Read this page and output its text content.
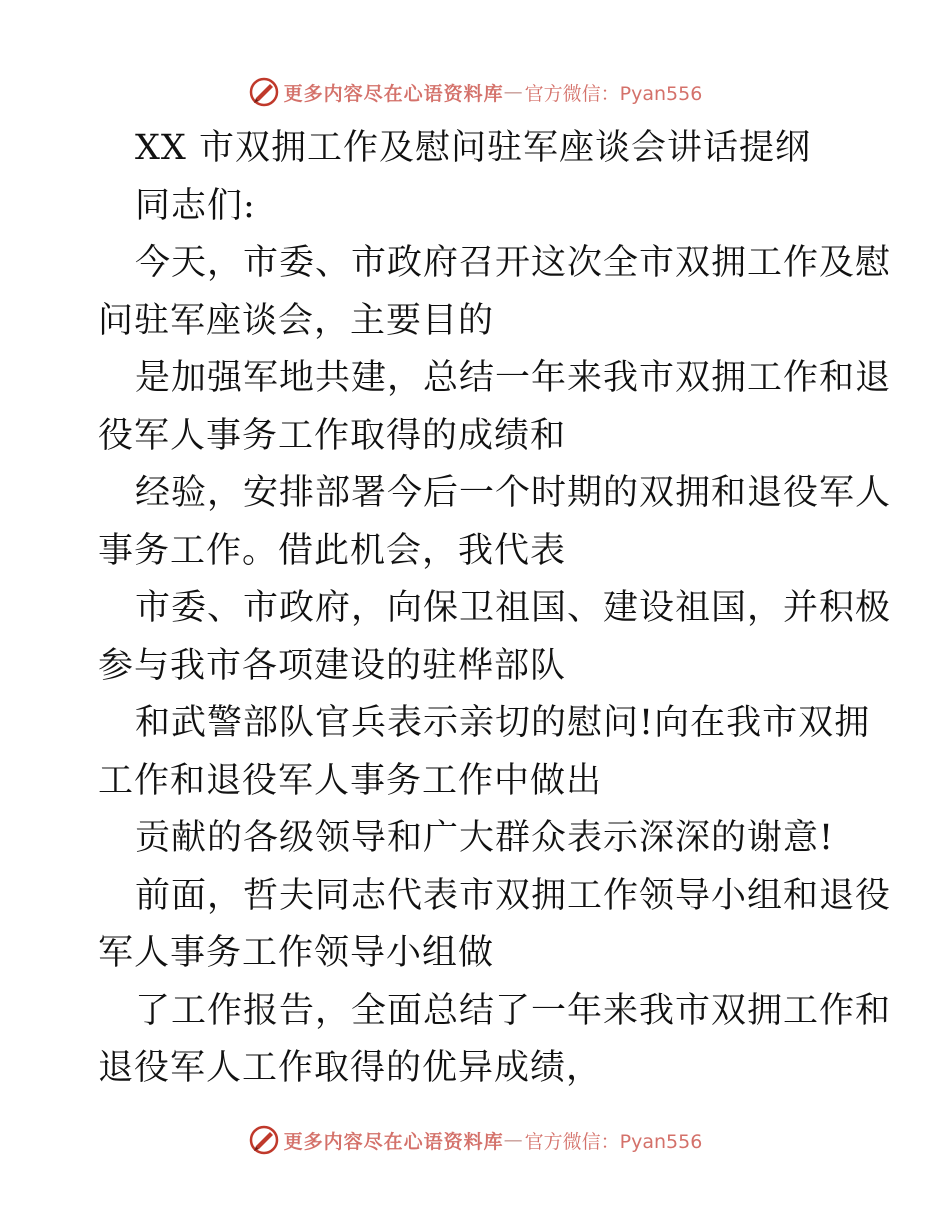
更多内容尽在心语资料库 — 官方微信：Pyan556
XX 市双拥工作及慰问驻军座谈会讲话提纲
同志们:
今天，市委、市政府召开这次全市双拥工作及慰
问驻军座谈会，主要目的
是加强军地共建，总结一年来我市双拥工作和退
役军人事务工作取得的成绩和
经验，安排部署今后一个时期的双拥和退役军人
事务工作。借此机会，我代表
市委、市政府，向保卫祖国、建设祖国，并积极
参与我市各项建设的驻桦部队
和武警部队官兵表示亲切的慰问!向在我市双拥
工作和退役军人事务工作中做出
贡献的各级领导和广大群众表示深深的谢意!
前面，哲夫同志代表市双拥工作领导小组和退役
军人事务工作领导小组做
了工作报告，全面总结了一年来我市双拥工作和
退役军人工作取得的优异成绩，
更多内容尽在心语资料库 — 官方微信：Pyan556
